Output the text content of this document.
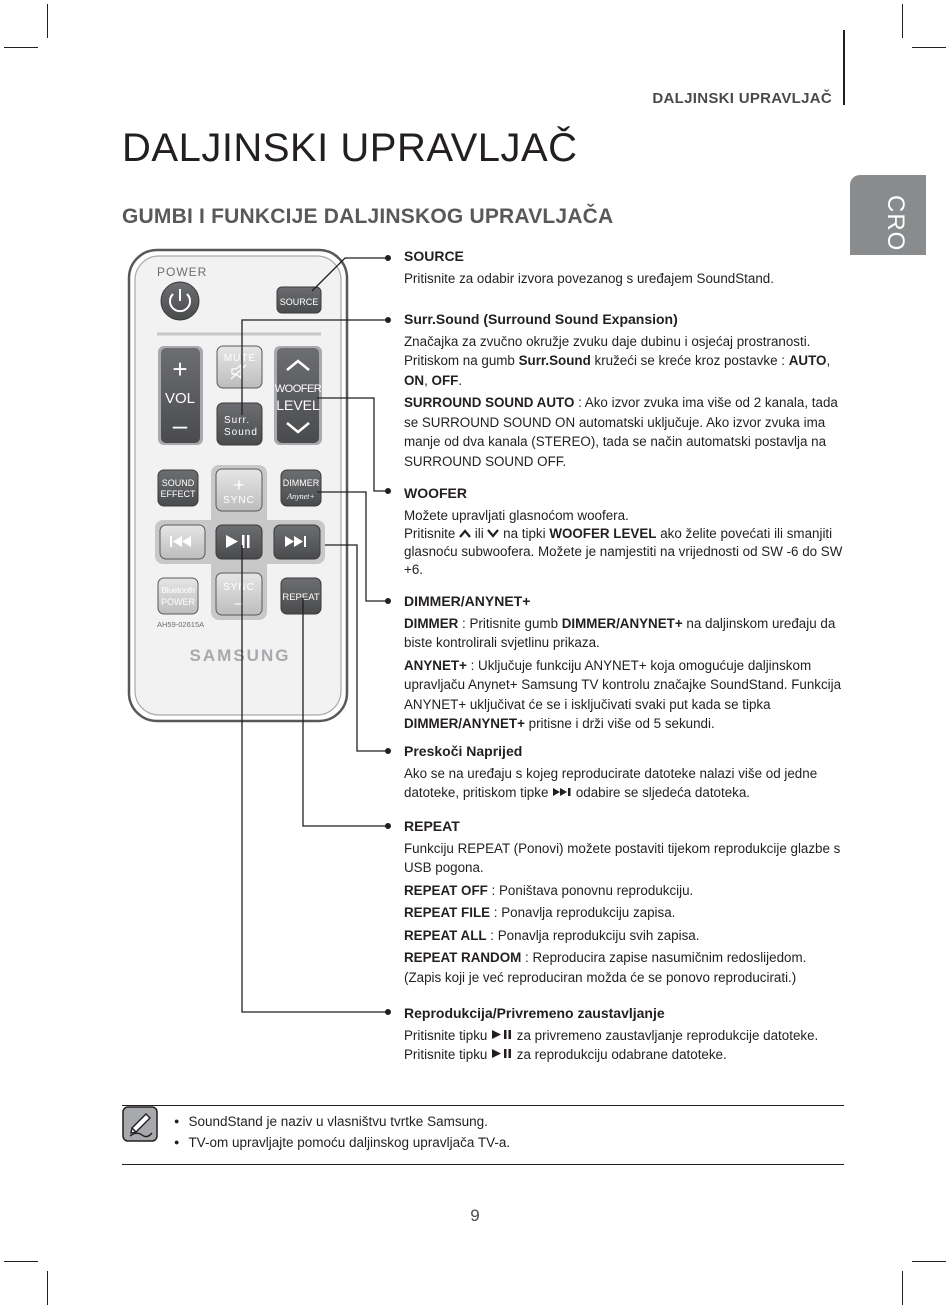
DALJINSKI UPRAVLJAČ
CRO
DALJINSKI UPRAVLJAČ
GUMBI I FUNKCIJE DALJINSKOG UPRAVLJAČA
POWER
SOURCE
+
VOL
–
MUTE
Surr.
Sound
WOOFER
LEVEL
SOUND
EFFECT +
SYNC
DIMMER
Anynet+
Bluetooth
POWER
SYNC
–	REPEAT
AH59-02615A
SAMSUNG

SOURCE

Pritisnite za odabir izvora povezanog s uređajem SoundStand.

Surr.Sound (Surround Sound Expansion)

Značajka za zvučno okružje zvuku daje dubinu i osjećaj prostranosti.

Pritiskom na gumb Surr.Sound kružeći se kreće kroz postavke : AUTO, ON, OFF.

SURROUND SOUND AUTO : Ako izvor zvuka ima više od 2 kanala, tada se SURROUND SOUND ON automatski uključuje. Ako izvor zvuka ima manje od dva kanala (STEREO), tada se način automatski postavlja na SURROUND SOUND OFF.

WOOFER

Možete upravljati glasnoćom woofera.

Pritisnite  ili  na tipki WOOFER LEVEL ako želite povećati ili smanjiti glasnoću subwoofera. Možete je namjestiti na vrijednosti od SW -6 do SW +6.

DIMMER/ANYNET+

DIMMER : Pritisnite gumb DIMMER/ANYNET+ na daljinskom uređaju da biste kontrolirali svjetlinu prikaza.

ANYNET+ : Uključuje funkciju ANYNET+ koja omogućuje daljinskom upravljaču Anynet+ Samsung TV kontrolu značajke SoundStand. Funkcija ANYNET+ uključivat će se i isključivati svaki put kada se tipka DIMMER/ANYNET+ pritisne i drži više od 5 sekundi.

Preskoči Naprijed

Ako se na uređaju s kojeg reproducirate datoteke nalazi više od jedne datoteke, pritiskom tipke  odabire se sljedeća datoteka.

REPEAT

Funkciju REPEAT (Ponovi) možete postaviti tijekom reprodukcije glazbe s USB pogona.

REPEAT OFF : Poništava ponovnu reprodukciju.

REPEAT FILE : Ponavlja reprodukciju zapisa.

REPEAT ALL : Ponavlja reprodukciju svih zapisa.

REPEAT RANDOM : Reproducira zapise nasumičnim redoslijedom. (Zapis koji je već reproduciran možda će se ponovo reproducirati.)

Reprodukcija/Privremeno zaustavljanje

Pritisnite tipku  za privremeno zaustavljanje reprodukcije datoteke.

Pritisnite tipku  za reprodukciju odabrane datoteke.

● SoundStand je naziv u vlasništvu tvrtke Samsung.
● TV-om upravljajte pomoću daljinskog upravljača TV-a.
9
